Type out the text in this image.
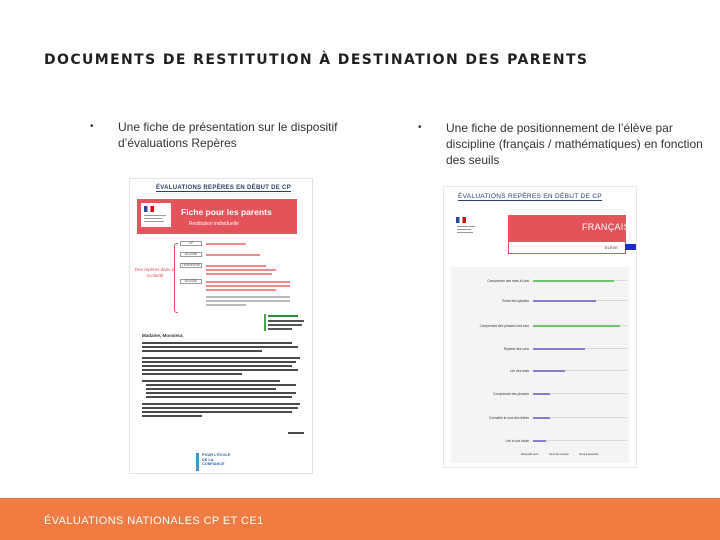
DOCUMENTS DE RESTITUTION À DESTINATION DES PARENTS
• Une fiche de présentation sur le dispositif d’évaluations Repères
• Une fiche de positionnement de l’élève par discipline (français / mathématiques) en fonction des seuils
ÉVALUATIONS REPÈRES EN DÉBUT DE CP
Fiche pour les parents
Restitution individuelle
Des repères dans la scolarité
CP
GLISSE
TRAVERSE
GLISSE
Madame, Monsieur,
POUR L'ÉCOLE DE LA CONFIANCE
ÉVALUATIONS REPÈRES EN DÉBUT DE CP
FRANÇAIS
ÉLÈVE
Comprendre des mots à l'oral
Écrire des syllabes
Comprendre des phrases lues seul
Repérer des sons
Lire des mots
Comprendre des phrases
Connaître le nom des lettres
Lire à voix haute
Dispositif seuil	Seuil de réussite	Seuil à atteindre
ÉVALUATIONS NATIONALES CP ET CE1
